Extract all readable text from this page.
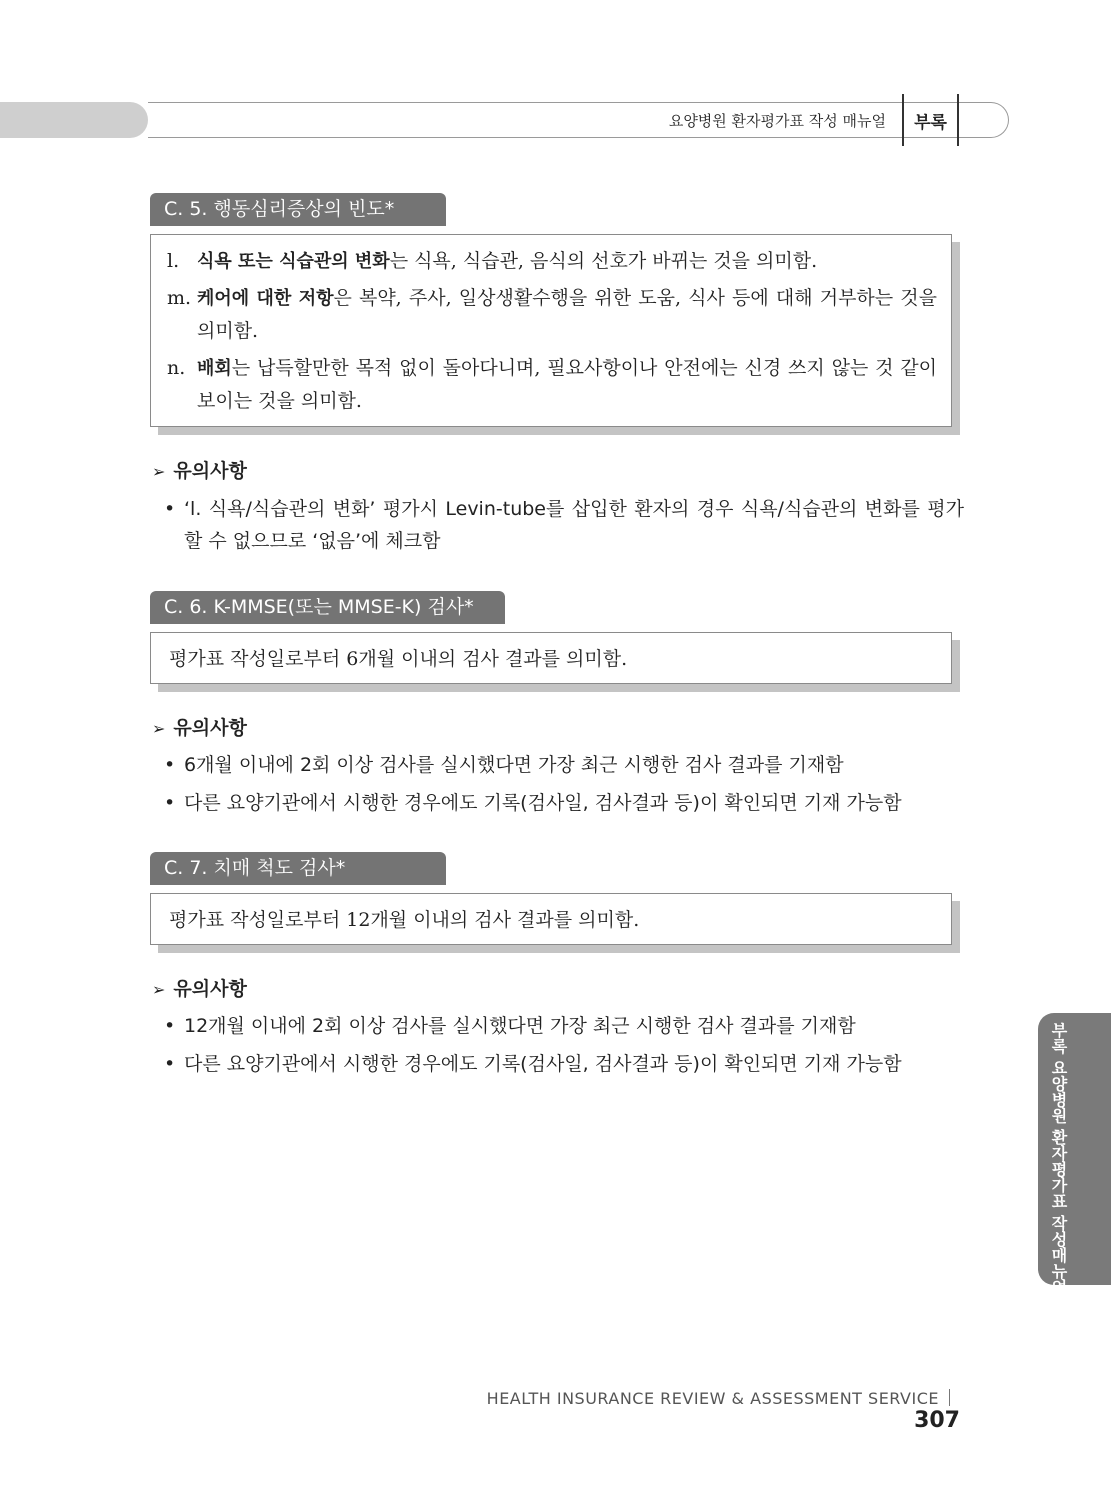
요양병원 환자평가표 작성 매뉴얼	부록
C. 5. 행동심리증상의 빈도*
l. 식욕 또는 식습관의 변화는 식욕, 식습관, 음식의 선호가 바뀌는 것을 의미함.
m. 케어에 대한 저항은 복약, 주사, 일상생활수행을 위한 도움, 식사 등에 대해 거부하는 것을 의미함.
n. 배회는 납득할만한 목적 없이 돌아다니며, 필요사항이나 안전에는 신경 쓰지 않는 것 같이 보이는 것을 의미함.
➢ 유의사항
• ‘l. 식욕/식습관의 변화’ 평가시 Levin-tube를 삽입한 환자의 경우 식욕/식습관의 변화를 평가할 수 없으므로 ‘없음’에 체크함
C. 6. K-MMSE(또는 MMSE-K) 검사*
평가표 작성일로부터 6개월 이내의 검사 결과를 의미함.
➢ 유의사항
• 6개월 이내에 2회 이상 검사를 실시했다면 가장 최근 시행한 검사 결과를 기재함
• 다른 요양기관에서 시행한 경우에도 기록(검사일, 검사결과 등)이 확인되면 기재 가능함
C. 7. 치매 척도 검사*
평가표 작성일로부터 12개월 이내의 검사 결과를 의미함.
➢ 유의사항
• 12개월 이내에 2회 이상 검사를 실시했다면 가장 최근 시행한 검사 결과를 기재함
• 다른 요양기관에서 시행한 경우에도 기록(검사일, 검사결과 등)이 확인되면 기재 가능함	부록 요양병원 환자평가표 작성매뉴얼
HEALTH INSURANCE REVIEW & ASSESSMENT SERVICE307
